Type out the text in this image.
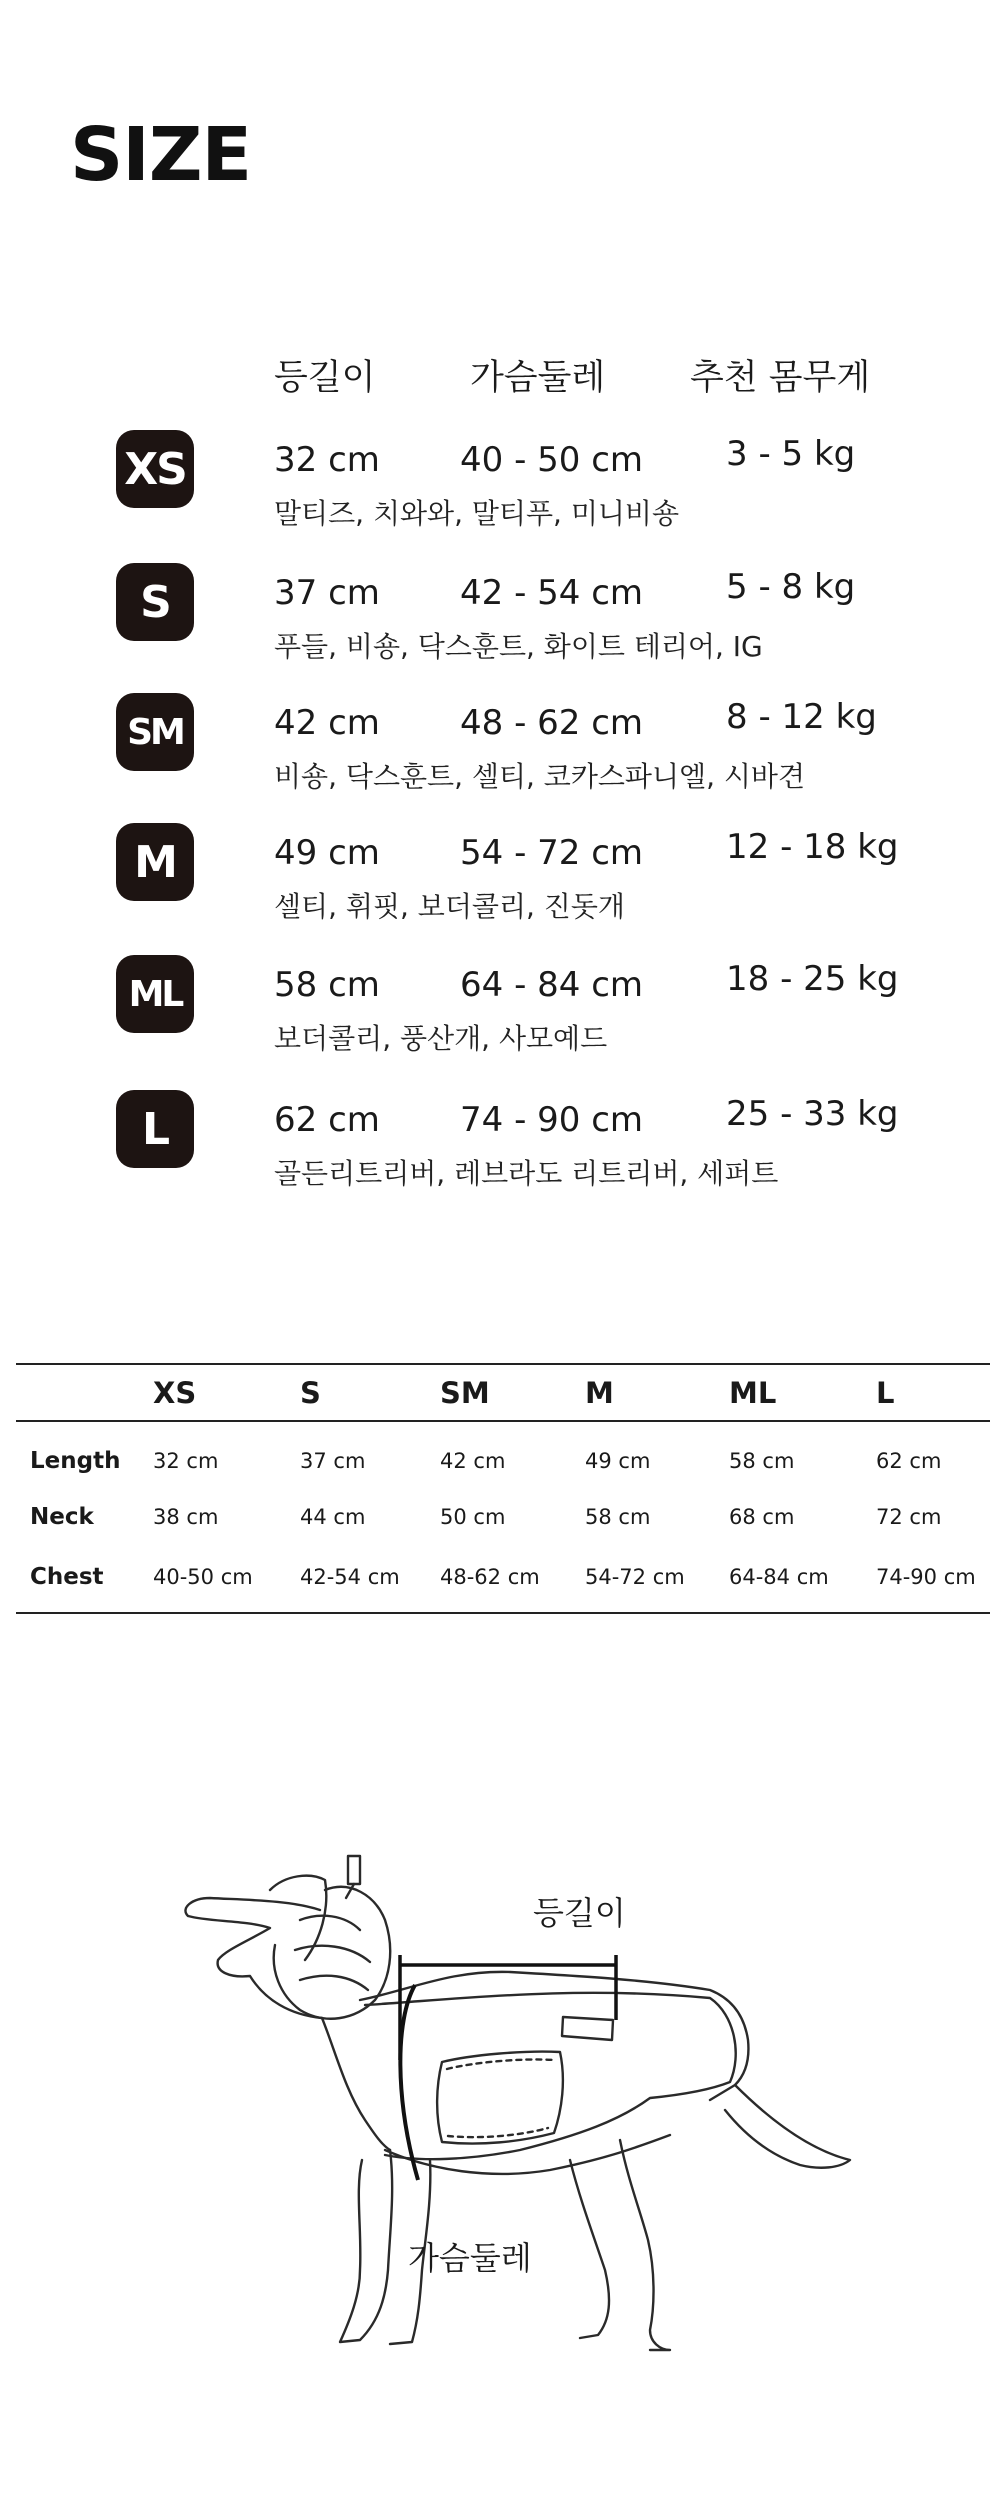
SIZE
등길이	가슴둘레 추천 몸무게
XS	32 cm 40 - 50 cm 3 - 5 kg
말티즈, 치와와, 말티푸, 미니비숑
S	37 cm 42 - 54 cm 5 - 8 kg
푸들, 비숑, 닥스훈트, 화이트 테리어, IG
SM	42 cm 48 - 62 cm 8 - 12 kg
비숑, 닥스훈트, 셀티, 코카스파니엘, 시바견
M	49 cm 54 - 72 cm 12 - 18 kg
셀티, 휘핏, 보더콜리, 진돗개
ML	58 cm 64 - 84 cm 18 - 25 kg
보더콜리, 풍산개, 사모예드
L	62 cm 74 - 90 cm 25 - 33 kg
골든리트리버, 레브라도 리트리버, 세퍼트
	XS	S	SM	M	ML	L
Length	32 cm	37 cm	42 cm	49 cm	58 cm	62 cm
Neck	38 cm	44 cm	50 cm	58 cm	68 cm	72 cm
Chest	40-50 cm	42-54 cm	48-62 cm	54-72 cm	64-84 cm	74-90 cm
등길이
가슴둘레
